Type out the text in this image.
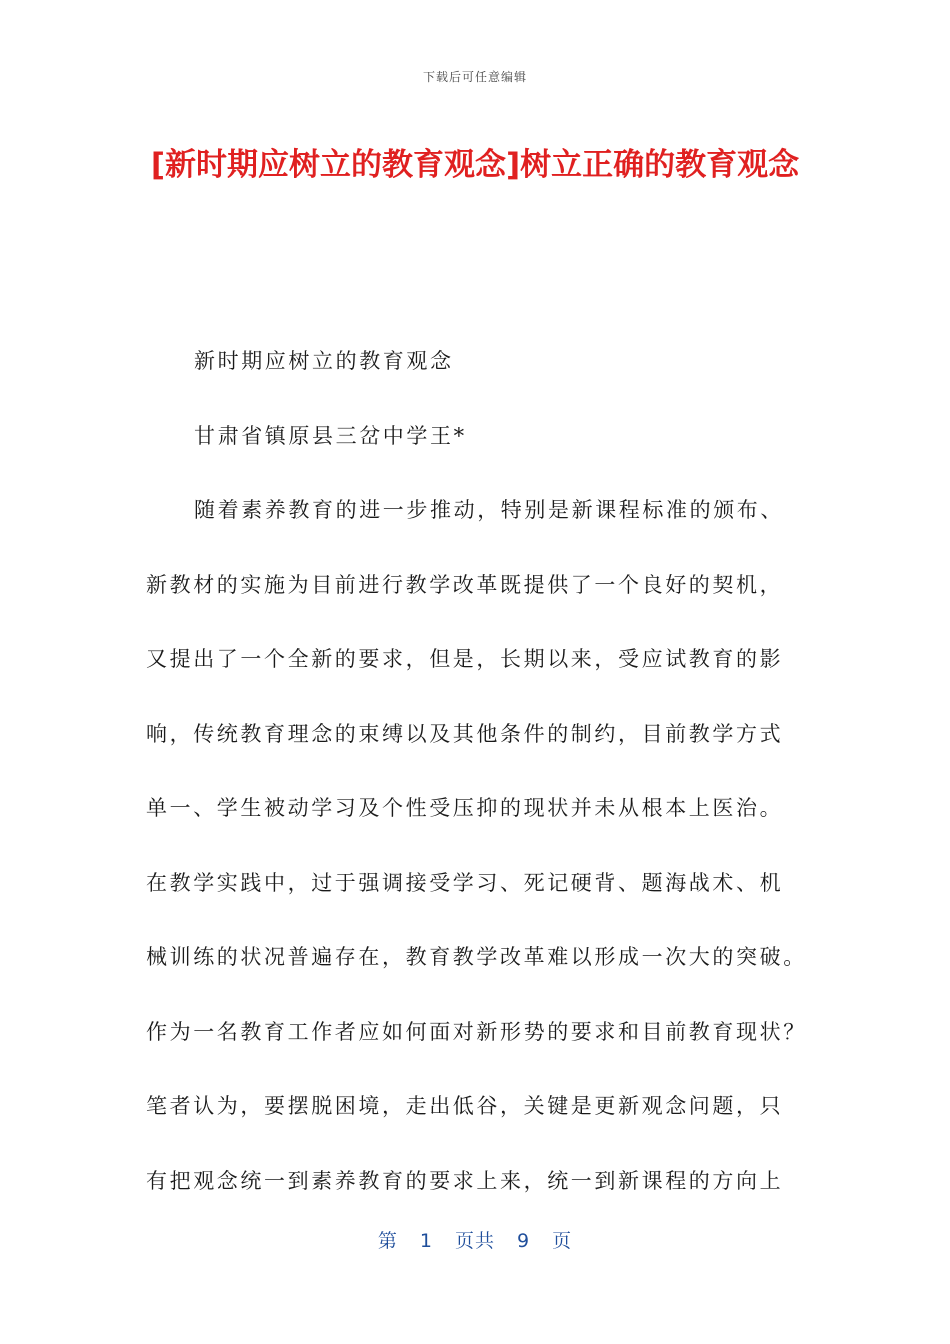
下载后可任意编辑
[新时期应树立的教育观念]树立正确的教育观念
新时期应树立的教育观念
甘肃省镇原县三岔中学王*
随着素养教育的进一步推动，特别是新课程标准的颁布、
新教材的实施为目前进行教学改革既提供了一个良好的契机，
又提出了一个全新的要求，但是，长期以来，受应试教育的影
响，传统教育理念的束缚以及其他条件的制约，目前教学方式
单一、学生被动学习及个性受压抑的现状并未从根本上医治。
在教学实践中，过于强调接受学习、死记硬背、题海战术、机
械训练的状况普遍存在，教育教学改革难以形成一次大的突破。
作为一名教育工作者应如何面对新形势的要求和目前教育现状？
笔者认为，要摆脱困境，走出低谷，关键是更新观念问题，只
有把观念统一到素养教育的要求上来，统一到新课程的方向上
第 1 页共 9 页
